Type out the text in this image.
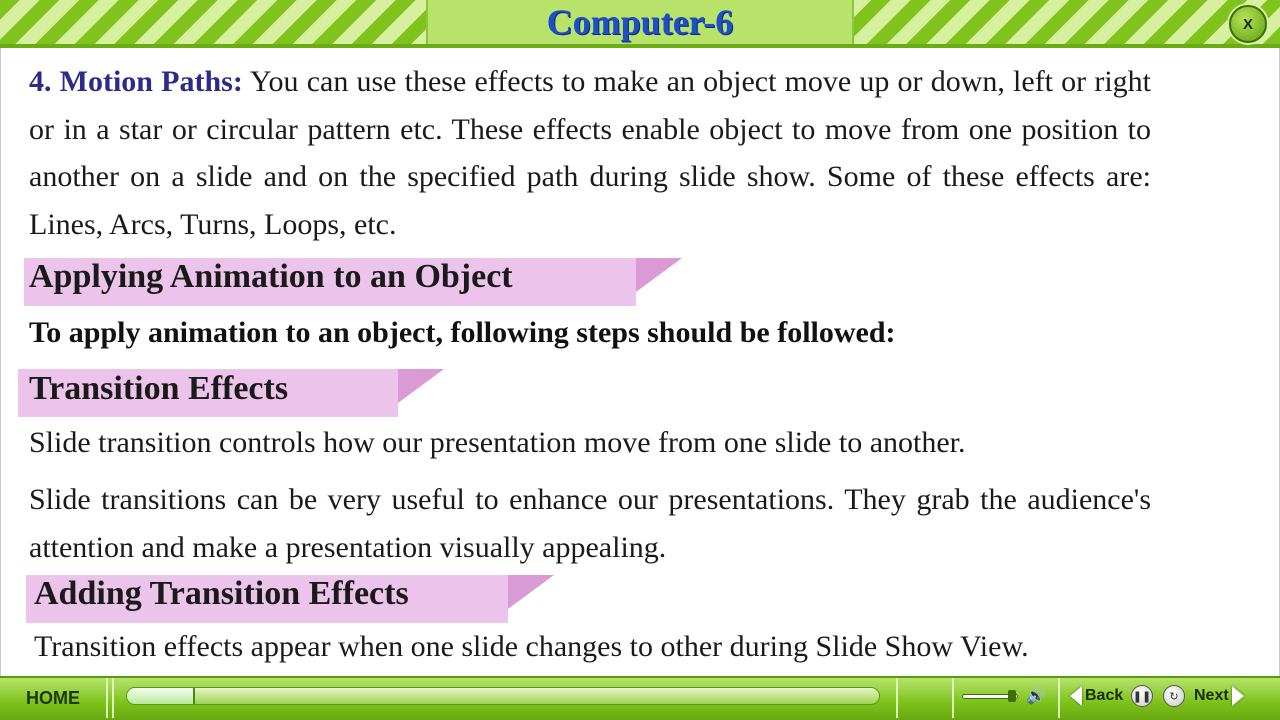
Computer-6	X
4. Motion Paths: You can use these effects to make an object move up or down, left or right or in a star or circular pattern etc. These effects enable object to move from one position to another on a slide and on the specified path during slide show. Some of these effects are: Lines, Arcs, Turns, Loops, etc.
Applying Animation to an Object
To apply animation to an object, following steps should be followed:
Transition Effects
Slide transition controls how our presentation move from one slide to another.
Slide transitions can be very useful to enhance our presentations. They grab the audience's attention and make a presentation visually appealing.
Adding Transition Effects
Transition effects appear when one slide changes to other during Slide Show View.
HOME	🔊 Back ❚❚ ↻ Next
